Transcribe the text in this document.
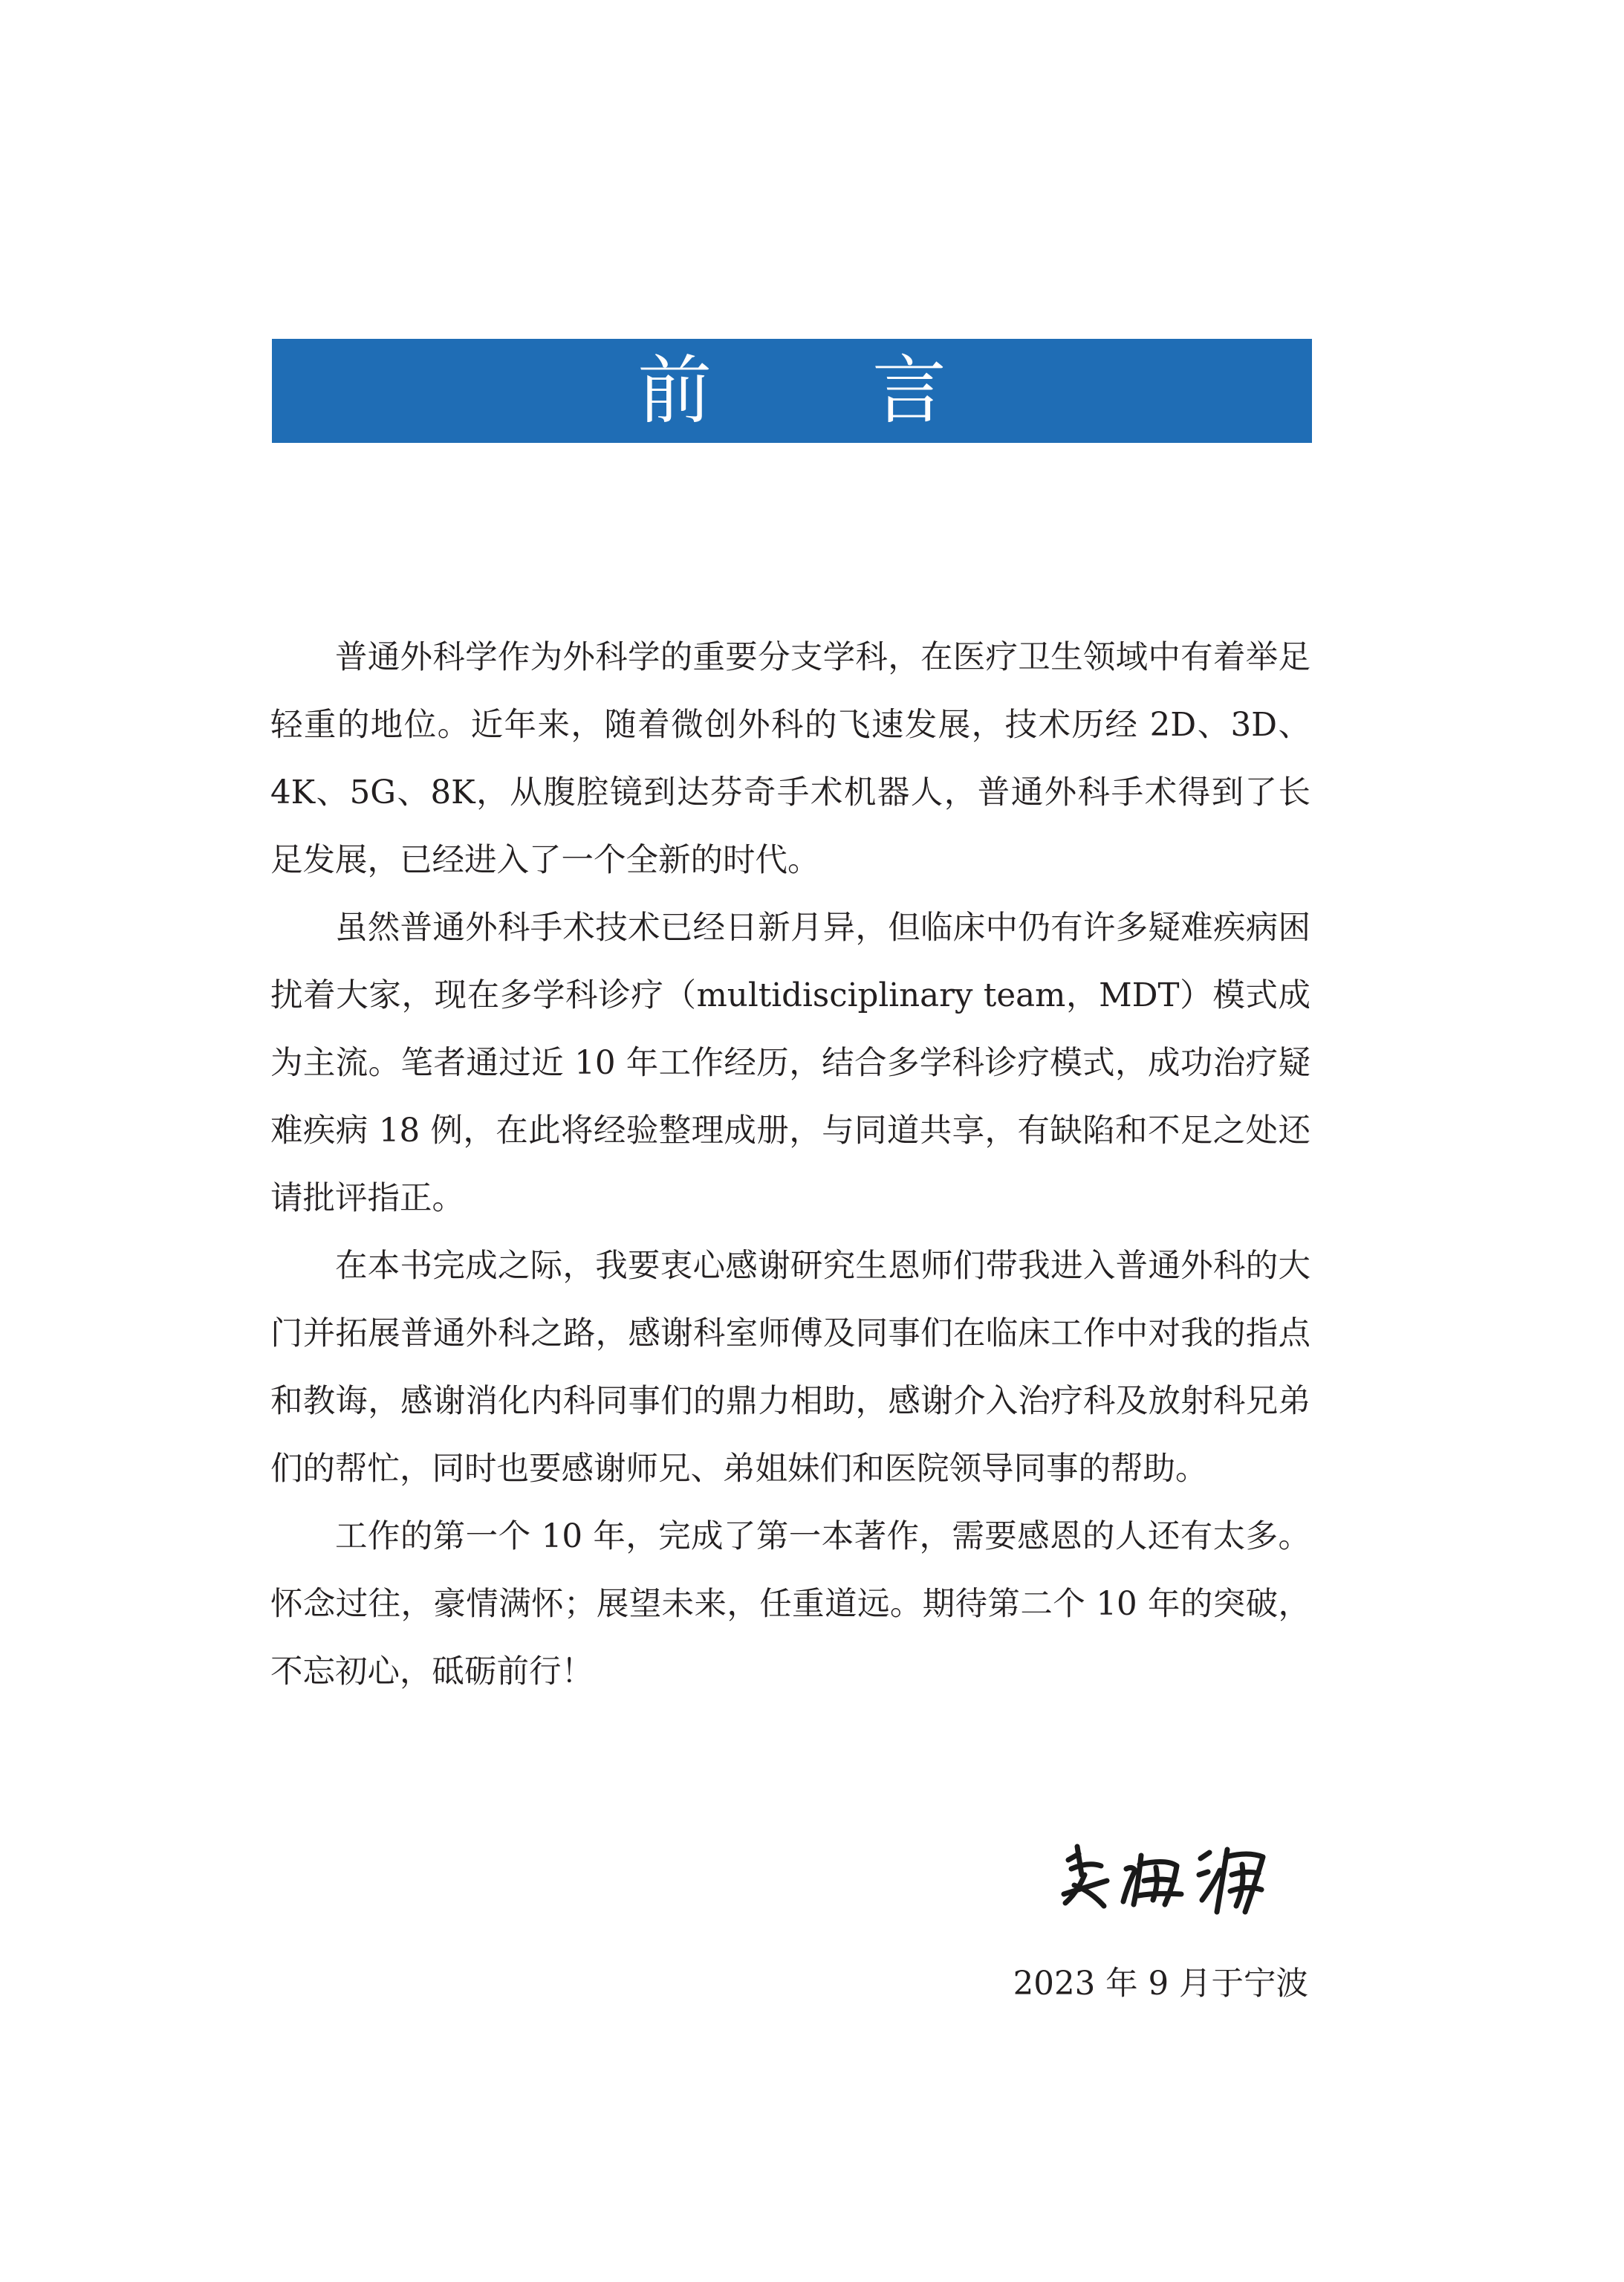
前 言

普通外科学作为外科学的重要分支学科，在医疗卫生领域中有着举足轻重的地位。近年来，随着微创外科的飞速发展，技术历经 2D、3D、4K、5G、8K，从腹腔镜到达芬奇手术机器人，普通外科手术得到了长足发展，已经进入了一个全新的时代。

虽然普通外科手术技术已经日新月异，但临床中仍有许多疑难疾病困扰着大家，现在多学科诊疗（multidisciplinary team，MDT）模式成为主流。笔者通过近 10 年工作经历，结合多学科诊疗模式，成功治疗疑难疾病 18 例，在此将经验整理成册，与同道共享，有缺陷和不足之处还请批评指正。

在本书完成之际，我要衷心感谢研究生恩师们带我进入普通外科的大门并拓展普通外科之路，感谢科室师傅及同事们在临床工作中对我的指点和教诲，感谢消化内科同事们的鼎力相助，感谢介入治疗科及放射科兄弟们的帮忙，同时也要感谢师兄、弟姐妹们和医院领导同事的帮助。

工作的第一个 10 年，完成了第一本著作，需要感恩的人还有太多。怀念过往，豪情满怀；展望未来，任重道远。期待第二个 10 年的突破，不忘初心，砥砺前行！

2023 年 9 月于宁波
